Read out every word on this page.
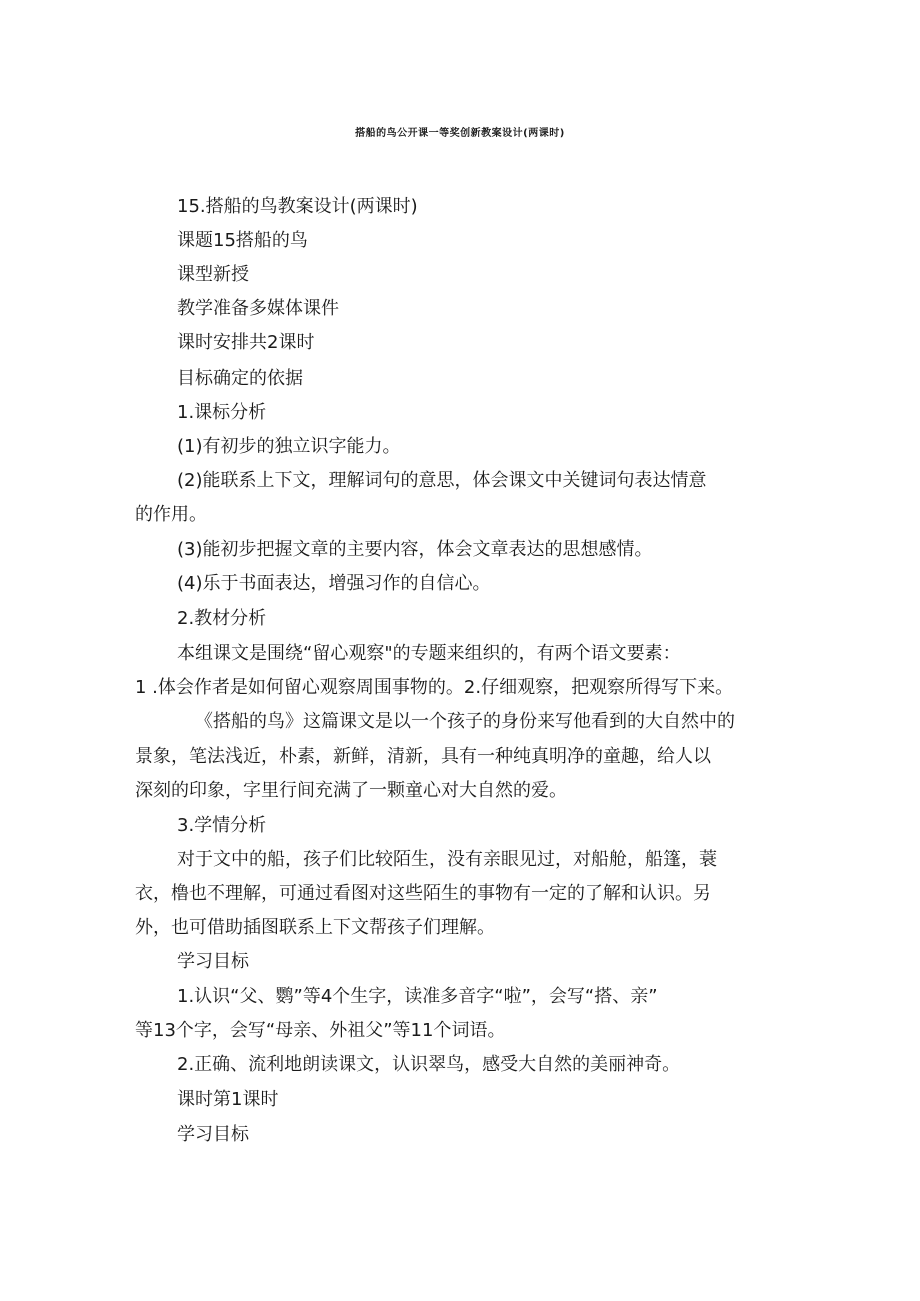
搭船的鸟公开课一等奖创新教案设计(两课时)
15.搭船的鸟教案设计(两课时)
课题15搭船的鸟
课型新授
教学准备多媒体课件
课时安排共2课时
目标确定的依据
1.课标分析
(1)有初步的独立识字能力。
(2)能联系上下文，理解词句的意思，体会课文中关键词句表达情意
的作用。
(3)能初步把握文章的主要内容，体会文章表达的思想感情。
(4)乐于书面表达，增强习作的自信心。
2.教材分析
本组课文是围绕“留心观察"的专题来组织的，有两个语文要素：
1 .体会作者是如何留心观察周围事物的。2.仔细观察，把观察所得写下来。
《搭船的鸟》这篇课文是以一个孩子的身份来写他看到的大自然中的
景象，笔法浅近，朴素，新鲜，清新，具有一种纯真明净的童趣，给人以
深刻的印象，字里行间充满了一颗童心对大自然的爱。
3.学情分析
对于文中的船，孩子们比较陌生，没有亲眼见过，对船舱，船篷，蓑
衣，橹也不理解，可通过看图对这些陌生的事物有一定的了解和认识。另
外，也可借助插图联系上下文帮孩子们理解。
学习目标
1.认识“父、鹦”等4个生字，读准多音字“啦”，会写“搭、亲”
等13个字，会写“母亲、外祖父”等11个词语。
2.正确、流利地朗读课文，认识翠鸟，感受大自然的美丽神奇。
课时第1课时
学习目标
